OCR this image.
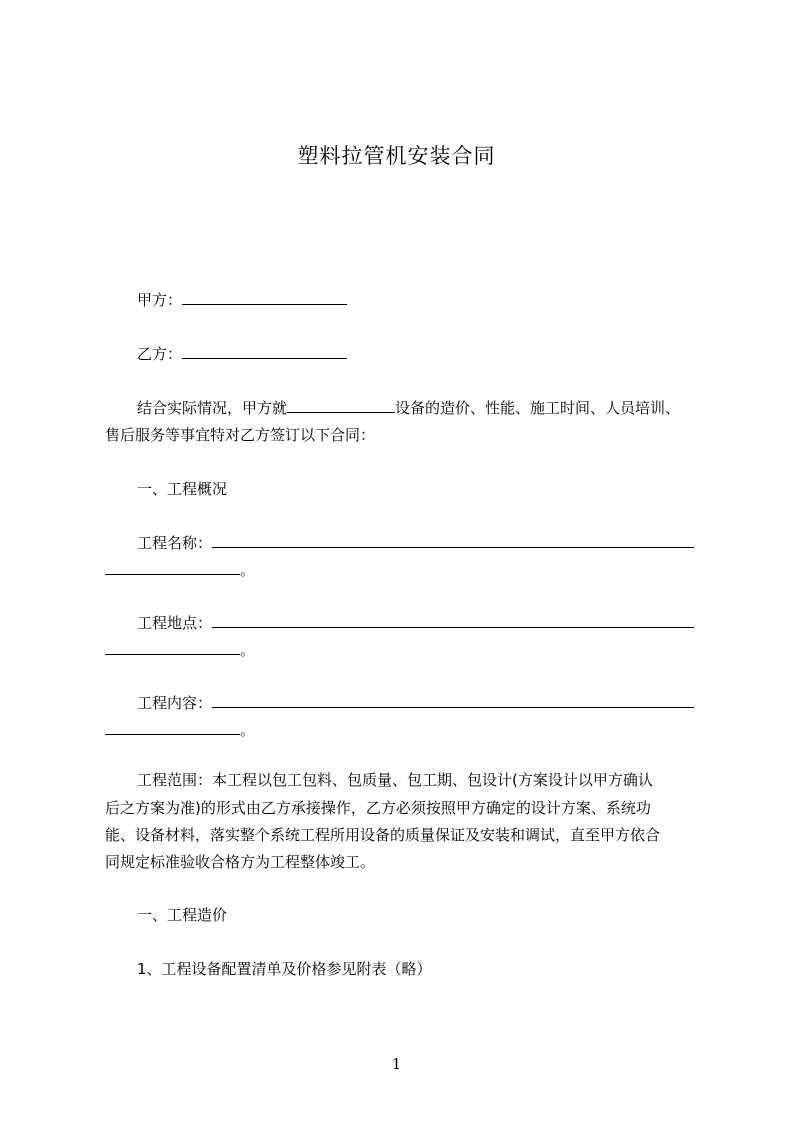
塑料拉管机安装合同
甲方：
乙方：
结合实际情况，甲方就	设备的造价、性能、施工时间、人员培训、
售后服务等事宜特对乙方签订以下合同：
一、工程概况
工程名称：
。
工程地点：
。
工程内容：
。
工程范围：本工程以包工包料、包质量、包工期、包设计(方案设计以甲方确认
后之方案为准)的形式由乙方承接操作，乙方必须按照甲方确定的设计方案、系统功
能、设备材料，落实整个系统工程所用设备的质量保证及安装和调试，直至甲方依合
同规定标准验收合格方为工程整体竣工。
一、工程造价
1、工程设备配置清单及价格参见附表（略）
1
